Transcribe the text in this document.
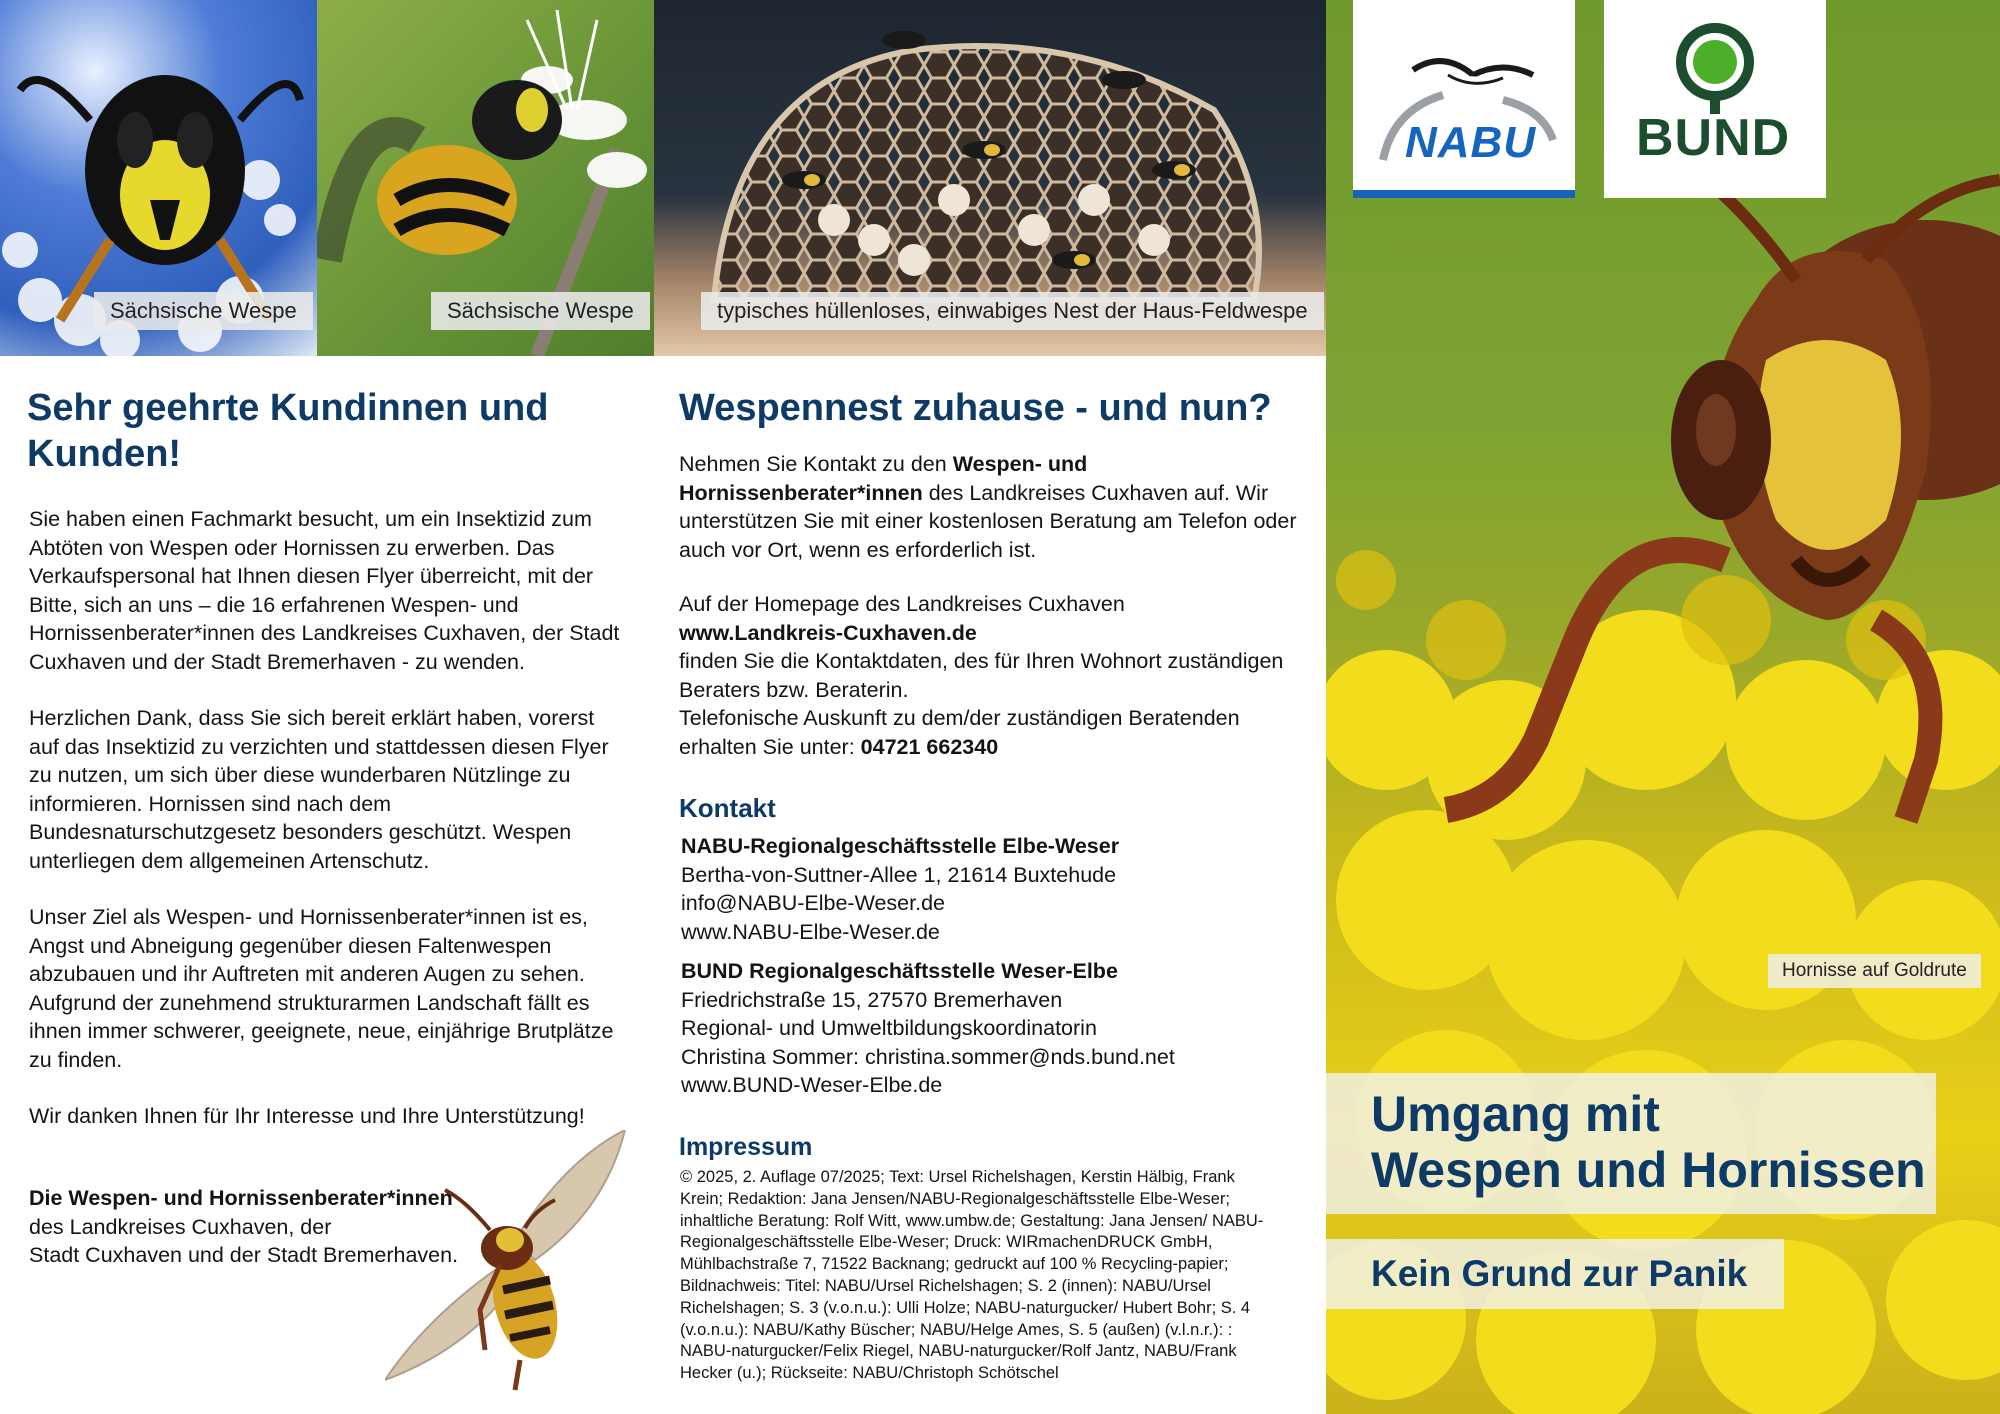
Sächsische Wespe	Sächsische Wespe	typisches hüllenloses, einwabiges Nest der Haus-Feldwespe
Sehr geehrte Kundinnen und Kunden!

Sie haben einen Fachmarkt besucht, um ein Insektizid zum Abtöten von Wespen oder Hornissen zu erwerben. Das Verkaufspersonal hat Ihnen diesen Flyer überreicht, mit der Bitte, sich an uns – die 16 erfahrenen Wespen- und Hornissenberater*innen des Landkreises Cuxhaven, der Stadt Cuxhaven und der Stadt Bremerhaven - zu wenden.

Herzlichen Dank, dass Sie sich bereit erklärt haben, vorerst auf das Insektizid zu verzichten und stattdessen diesen Flyer zu nutzen, um sich über diese wunderbaren Nützlinge zu informieren. Hornissen sind nach dem Bundesnaturschutzgesetz besonders geschützt. Wespen unterliegen dem allgemeinen Artenschutz.

Unser Ziel als Wespen- und Hornissenberater*innen ist es, Angst und Abneigung gegenüber diesen Faltenwespen abzubauen und ihr Auftreten mit anderen Augen zu sehen. Aufgrund der zunehmend strukturarmen Landschaft fällt es ihnen immer schwerer, geeignete, neue, einjährige Brutplätze zu finden.

Wir danken Ihnen für Ihr Interesse und Ihre Unterstützung!

Die Wespen- und Hornissenberater*innen
des Landkreises Cuxhaven, der
Stadt Cuxhaven und der Stadt Bremerhaven.
Wespennest zuhause - und nun?
Nehmen Sie Kontakt zu den Wespen- und Hornissenberater*innen des Landkreises Cuxhaven auf. Wir unterstützen Sie mit einer kostenlosen Beratung am Telefon oder auch vor Ort, wenn es erforderlich ist.
Auf der Homepage des Landkreises Cuxhaven
www.Landkreis-Cuxhaven.de
finden Sie die Kontaktdaten, des für Ihren Wohnort zuständigen Beraters bzw. Beraterin.
Telefonische Auskunft zu dem/der zuständigen Beratenden erhalten Sie unter: 04721 662340
Kontakt
NABU-Regionalgeschäftsstelle Elbe-Weser
Bertha-von-Suttner-Allee 1, 21614 Buxtehude
info@NABU-Elbe-Weser.de
www.NABU-Elbe-Weser.de
BUND Regionalgeschäftsstelle Weser-Elbe
Friedrichstraße 15, 27570 Bremerhaven
Regional- und Umweltbildungskoordinatorin
Christina Sommer: christina.sommer@nds.bund.net
www.BUND-Weser-Elbe.de
Impressum
© 2025, 2. Auflage 07/2025; Text: Ursel Richelshagen, Kerstin Hälbig, Frank Krein; Redaktion: Jana Jensen/NABU-Regionalgeschäftsstelle Elbe-Weser; inhaltliche Beratung: Rolf Witt, www.umbw.de; Gestaltung: Jana Jensen/ NABU-Regionalgeschäftsstelle Elbe-Weser; Druck: WIRmachenDRUCK GmbH, Mühlbachstraße 7, 71522 Backnang; gedruckt auf 100 % Recycling-papier; Bildnachweis: Titel: NABU/Ursel Richelshagen; S. 2 (innen): NABU/Ursel Richelshagen; S. 3 (v.o.n.u.): Ulli Holze; NABU-naturgucker/ Hubert Bohr; S. 4 (v.o.n.u.): NABU/Kathy Büscher; NABU/Helge Ames, S. 5 (außen) (v.l.n.r.): : NABU-naturgucker/Felix Riegel, NABU-naturgucker/Rolf Jantz, NABU/Frank Hecker (u.); Rückseite: NABU/Christoph Schötschel
NABU BUND
Hornisse auf Goldrute
Umgang mit
Wespen und Hornissen
Kein Grund zur Panik
